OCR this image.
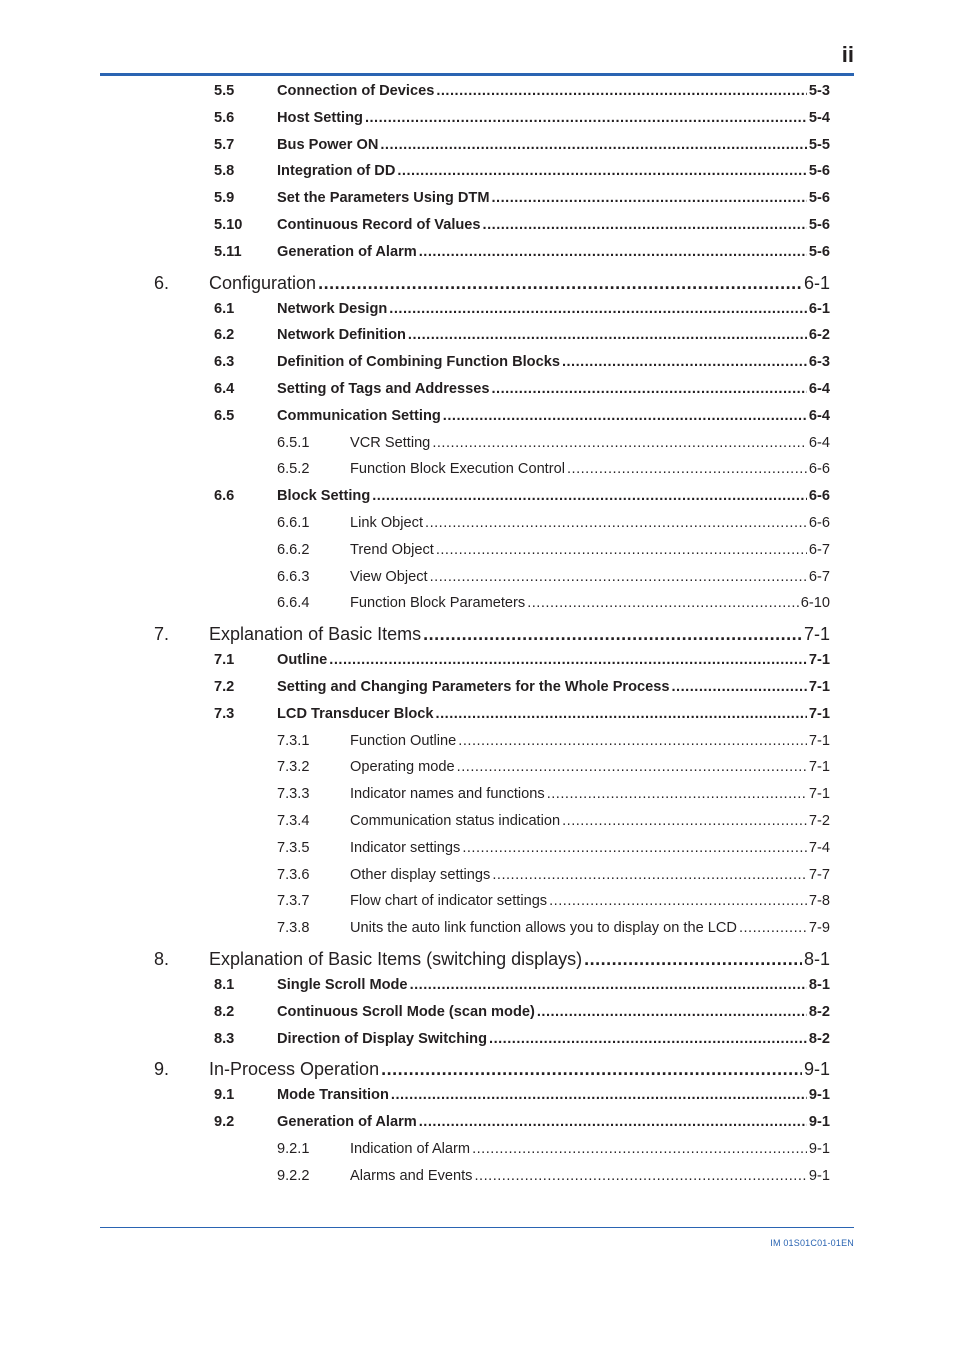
ii
5.5	Connection of Devices .....	5-3
5.6	Host Setting .....	5-4
5.7	Bus Power ON .....	5-5
5.8	Integration of DD .....	5-6
5.9	Set the Parameters Using DTM .....	5-6
5.10 Continuous Record of Values .....	5-6
5.11 Generation of Alarm .....	5-6
6. Configuration .....	6-1
6.1	Network Design .....	6-1
6.2	Network Definition .....	6-2
6.3	Definition of Combining Function Blocks .....	6-3
6.4	Setting of Tags and Addresses .....	6-4
6.5	Communication Setting .....	6-4
6.5.1	VCR Setting .....	6-4
6.5.2	Function Block Execution Control .....	6-6
6.6	Block Setting .....	6-6
6.6.1	Link Object .....	6-6
6.6.2	Trend Object .....	6-7
6.6.3	View Object .....	6-7
6.6.4	Function Block Parameters .....	6-10
7. Explanation of Basic Items .....	7-1
7.1	Outline .....	7-1
7.2	Setting and Changing Parameters for the Whole Process .....	7-1
7.3	LCD Transducer Block .....	7-1
7.3.1	Function Outline .....	7-1
7.3.2	Operating mode .....	7-1
7.3.3	Indicator names and functions .....	7-1
7.3.4	Communication status indication .....	7-2
7.3.5	Indicator settings .....	7-4
7.3.6	Other display settings .....	7-7
7.3.7	Flow chart of indicator settings .....	7-8
7.3.8	Units the auto link function allows you to display on the LCD .....	7-9
8. Explanation of Basic Items (switching displays) .....	8-1
8.1	Single Scroll Mode .....	8-1
8.2	Continuous Scroll Mode (scan mode) .....	8-2
8.3	Direction of Display Switching .....	8-2
9. In-Process Operation .....	9-1
9.1	Mode Transition .....	9-1
9.2	Generation of Alarm .....	9-1
9.2.1	Indication of Alarm .....	9-1
9.2.2	Alarms and Events .....	9-1
IM 01S01C01-01EN
